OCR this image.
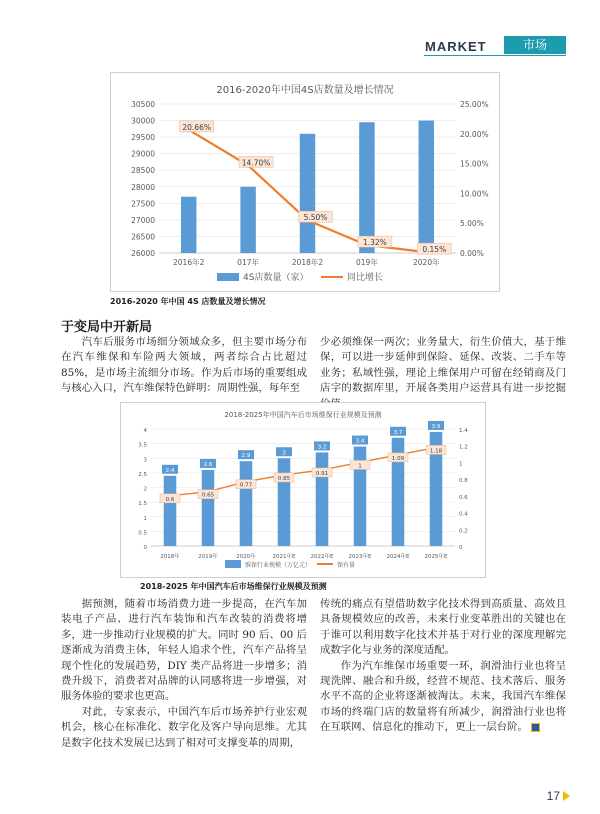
MARKET	市场
2016-2020年中国4S店数量及增长情况
26000
26500
27000
27500
28000
28500
29000
29500
30000
30500
0.00%
5.00%
10.00%
15.00%
20.00%
25.00%
2016年2	017年	2018年2	019年	2020年
20.66%
14.70%
5.50%
1.32%
0.15%
4S店数量（家）	同比增长
2016-2020 年中国 4S 店数量及增长情况
于变局中开新局

汽车后服务市场细分领域众多，但主要市场分布在汽车维保和车险两大领域，两者综合占比超过85%，是市场主流细分市场。作为后市场的重要组成与核心入口，汽车维保特色鲜明：周期性强，每年至

少必须维保一两次；业务量大，衍生价值大，基于维保，可以进一步延伸到保险、延保、改装、二手车等业务；私域性强，理论上维保用户可留在经销商及门店字的数据库里，开展各类用户运营具有进一步挖掘

2018-2025年中国汽车后市场维保行业规模及预测
0
0.5
1
1.5
2
2.5
3
3.5
4
0
0.2
0.4
0.6
0.8
1
1.2
1.4
2.4
2018年
2.6
2019年
2.9
2020年
3
2021年E
3.2
2022年E
3.4
2023年E
3.7
2024年E
3.9
2025年E
0.6
0.65
0.77
0.85
0.91
1
1.09
1.18
维保行业规模（万亿元）	保有量
2018-2025 年中国汽车后市场维保行业规模及预测

据预测，随着市场消费力进一步提高，在汽车加装电子产品、进行汽车装饰和汽车改装的消费将增多，进一步推动行业规模的扩大。同时 90 后、00 后逐渐成为消费主体，年轻人追求个性，汽车产品将呈现个性化的发展趋势，DIY 类产品将进一步增多；消费升级下，消费者对品牌的认同感将进一步增强，对服务体验的要求也更高。

对此，专家表示，中国汽车后市场养护行业宏观机会，核心在标准化、数字化及客户导向思维。尤其是数字化技术发展已达到了相对可支撑变革的周期，

传统的痛点有望借助数字化技术得到高质量、高效且具备规模效应的改善，未来行业变革胜出的关键也在于谁可以利用数字化技术并基于对行业的深度理解完成数字化与业务的深度适配。

作为汽车维保市场重要一环，润滑油行业也将呈现洗牌、融合和升级，经营不规范、技术落后、服务水平不高的企业将逐渐被淘汰。未来，我国汽车维保市场的终端门店的数量将有所减少，润滑油行业也将在互联网、信息化的推动下，更上一层台阶。

17
